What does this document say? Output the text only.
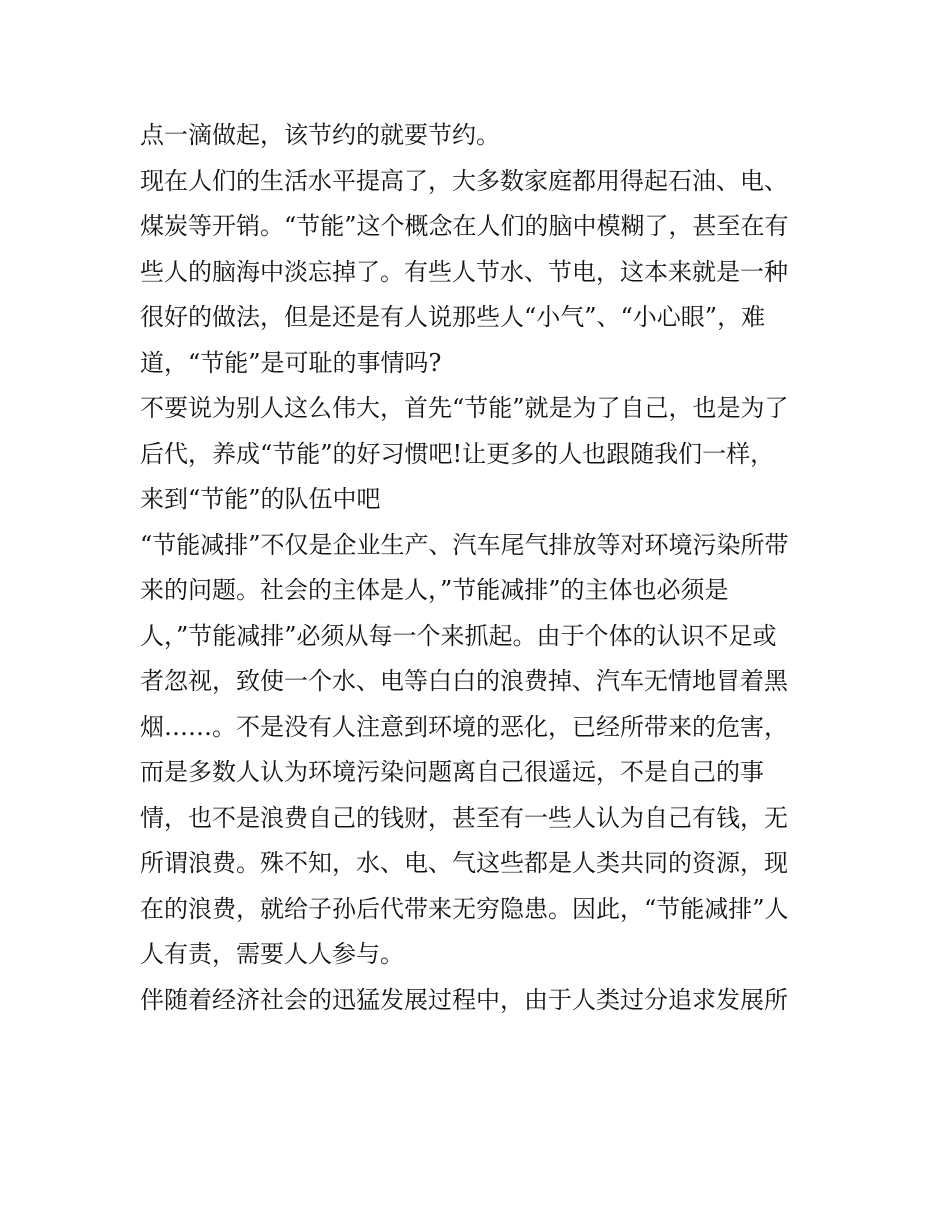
点一滴做起，该节约的就要节约。
现在人们的生活水平提高了，大多数家庭都用得起石油、电、
煤炭等开销。“节能”这个概念在人们的脑中模糊了，甚至在有
些人的脑海中淡忘掉了。有些人节水、节电，这本来就是一种
很好的做法，但是还是有人说那些人“小气”、“小心眼”，难
道，“节能”是可耻的事情吗?
不要说为别人这么伟大，首先“节能”就是为了自己，也是为了
后代，养成“节能”的好习惯吧!让更多的人也跟随我们一样，
来到“节能”的队伍中吧
“节能减排”不仅是企业生产、汽车尾气排放等对环境污染所带
来的问题。社会的主体是人，”节能减排”的主体也必须是
人，”节能减排”必须从每一个来抓起。由于个体的认识不足或
者忽视，致使一个水、电等白白的浪费掉、汽车无情地冒着黑
烟……。不是没有人注意到环境的恶化，已经所带来的危害，
而是多数人认为环境污染问题离自己很遥远，不是自己的事
情，也不是浪费自己的钱财，甚至有一些人认为自己有钱，无
所谓浪费。殊不知，水、电、气这些都是人类共同的资源，现
在的浪费，就给子孙后代带来无穷隐患。因此，“节能减排”人
人有责，需要人人参与。
伴随着经济社会的迅猛发展过程中，由于人类过分追求发展所
